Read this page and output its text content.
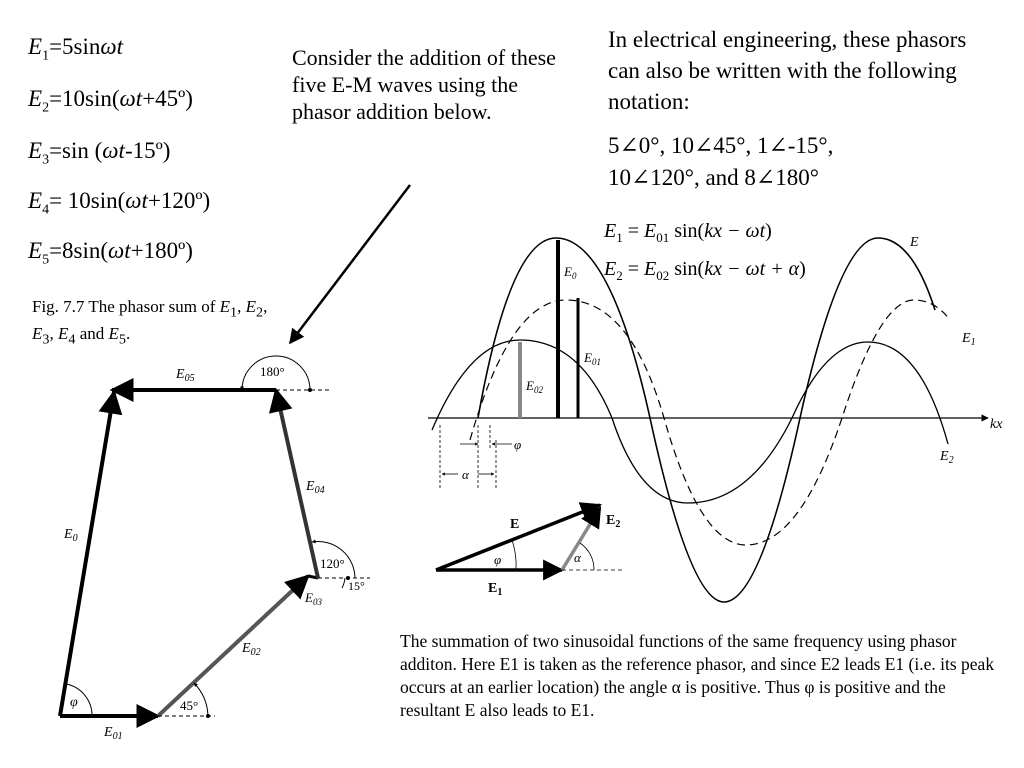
$E_1=5\sin\omega t$
$E_2=10\sin(\omega t+45º)$
$E_3=\sin$ (ωt-15º)
$E_4=$ 10sin(ωt+120º)
$E_5=8\sin(\omega t+180º)$
Consider the addition of these five E-M waves using the phasor addition below.
In electrical engineering, these phasors can also be written with the following notation:
5∠0°, 10∠45°, 1∠-15°,
10∠120°, and 8∠180°
Fig. 7.7 The phasor sum of $E_1$, $E_2$, $E_3$, $E_4$ and $E_5$.
$E_1 = E_{01}$ sin(kx − ωt)
$E_2 = E_{02}$ sin(kx − ωt + α)
$E_0$
$E_{01}$
$E_{02}$
$E_{03}$
$E_{04}$
$E_{05}$	180°
120°
15°
45°
φ
kx
$E_0$
$E_{01}$
$E_{02}$
E
$E_1$
$E_2$
φ
α
E
$E_1$
$E_2$
φ	α
The summation of two sinusoidal functions of the same frequency using phasor additon. Here E1 is taken as the reference phasor, and since E2 leads E1 (i.e. its peak occurs at an earlier location) the angle α is positive. Thus φ is positive and the resultant E also leads to E1.
